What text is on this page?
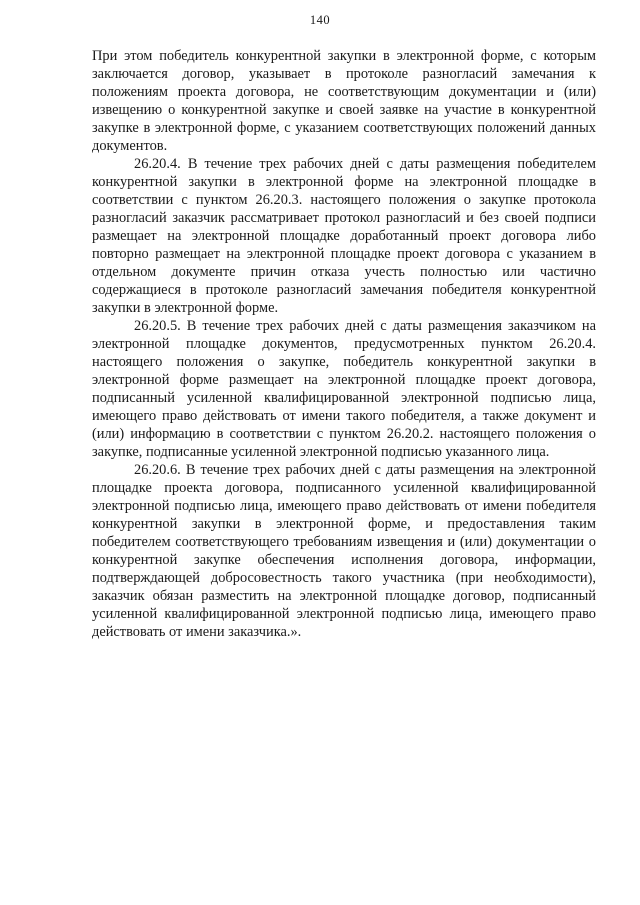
140

При этом победитель конкурентной закупки в электронной форме, с которым заключается договор, указывает в протоколе разногласий замечания к положениям проекта договора, не соответствующим документации и (или) извещению о конкурентной закупке и своей заявке на участие в конкурентной закупке в электронной форме, с указанием соответствующих положений данных документов.

26.20.4. В течение трех рабочих дней с даты размещения победителем конкурентной закупки в электронной форме на электронной площадке в соответствии с пунктом 26.20.3. настоящего положения о закупке протокола разногласий заказчик рассматривает протокол разногласий и без своей подписи размещает на электронной площадке доработанный проект договора либо повторно размещает на электронной площадке проект договора с указанием в отдельном документе причин отказа учесть полностью или частично содержащиеся в протоколе разногласий замечания победителя конкурентной закупки в электронной форме.

26.20.5. В течение трех рабочих дней с даты размещения заказчиком на электронной площадке документов, предусмотренных пунктом 26.20.4. настоящего положения о закупке, победитель конкурентной закупки в электронной форме размещает на электронной площадке проект договора, подписанный усиленной квалифицированной электронной подписью лица, имеющего право действовать от имени такого победителя, а также документ и (или) информацию в соответствии с пунктом 26.20.2. настоящего положения о закупке, подписанные усиленной электронной подписью указанного лица.

26.20.6. В течение трех рабочих дней с даты размещения на электронной площадке проекта договора, подписанного усиленной квалифицированной электронной подписью лица, имеющего право действовать от имени победителя конкурентной закупки в электронной форме, и предоставления таким победителем соответствующего требованиям извещения и (или) документации о конкурентной закупке обеспечения исполнения договора, информации, подтверждающей добросовестность такого участника (при необходимости), заказчик обязан разместить на электронной площадке договор, подписанный усиленной квалифицированной электронной подписью лица, имеющего право действовать от имени заказчика.».
